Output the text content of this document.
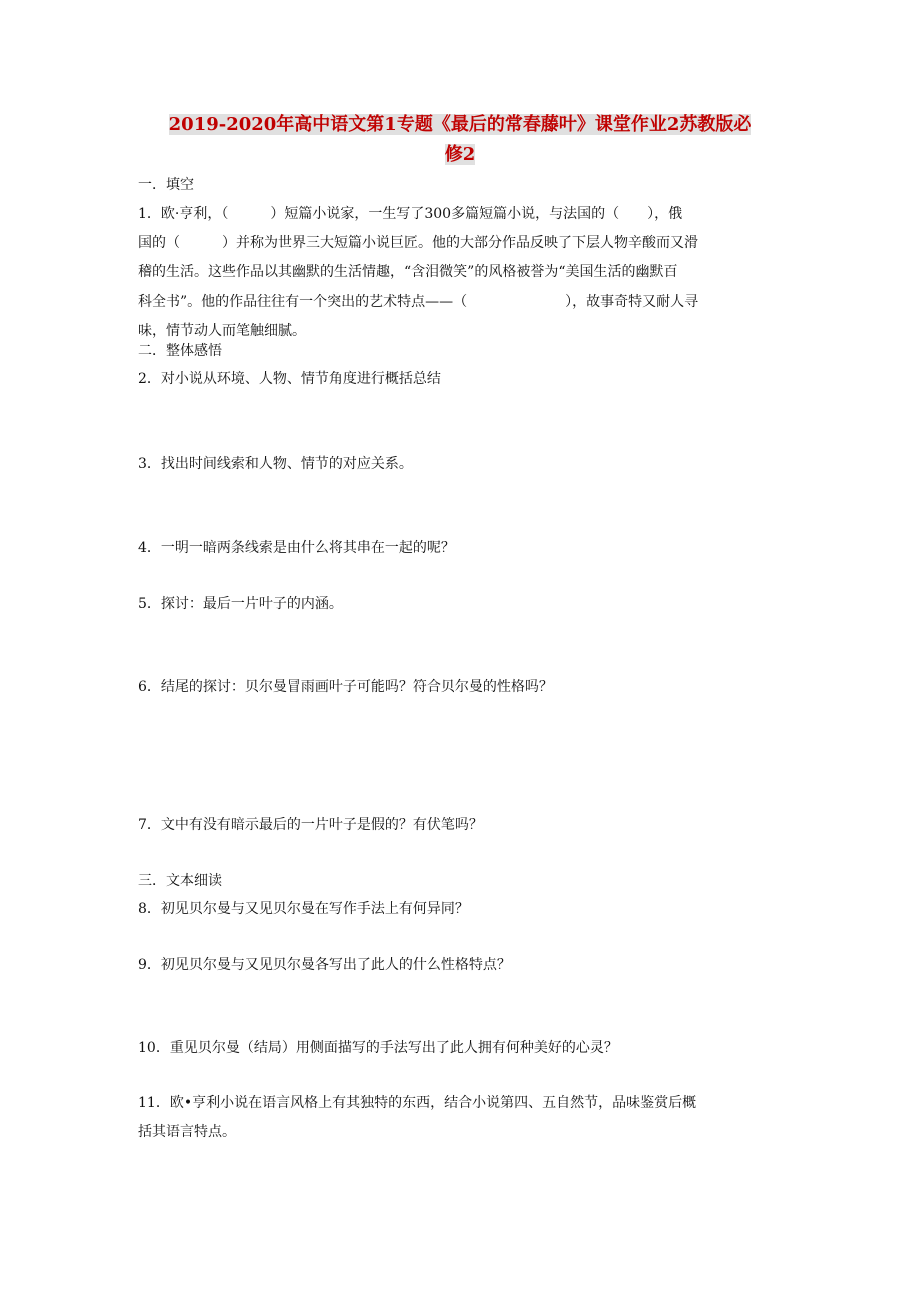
2019-2020年高中语文第1专题《最后的常春藤叶》课堂作业2苏教版必
修2
一．填空
1．欧·亨利，（　　　）短篇小说家，一生写了300多篇短篇小说，与法国的（　　），俄
国的（　　　）并称为世界三大短篇小说巨匠。他的大部分作品反映了下层人物辛酸而又滑
稽的生活。这些作品以其幽默的生活情趣，“含泪微笑”的风格被誉为“美国生活的幽默百
科全书”。他的作品往往有一个突出的艺术特点——（　　　　　　　），故事奇特又耐人寻
味，情节动人而笔触细腻。
二．整体感悟
2．对小说从环境、人物、情节角度进行概括总结
3．找出时间线索和人物、情节的对应关系。
4．一明一暗两条线索是由什么将其串在一起的呢？
5．探讨：最后一片叶子的内涵。
6．结尾的探讨：贝尔曼冒雨画叶子可能吗？符合贝尔曼的性格吗？
7．文中有没有暗示最后的一片叶子是假的？有伏笔吗？
三．文本细读
8．初见贝尔曼与又见贝尔曼在写作手法上有何异同？
9．初见贝尔曼与又见贝尔曼各写出了此人的什么性格特点？
10．重见贝尔曼（结局）用侧面描写的手法写出了此人拥有何种美好的心灵？
11．欧•亨利小说在语言风格上有其独特的东西，结合小说第四、五自然节，品味鉴赏后概
括其语言特点。
